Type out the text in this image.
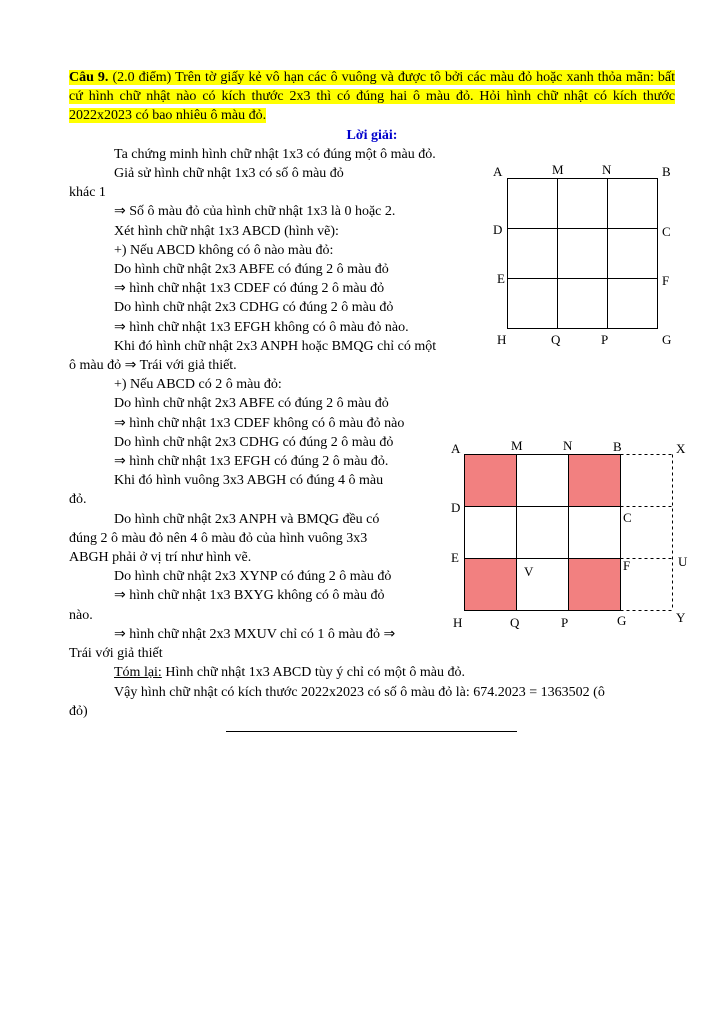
Câu 9. (2.0 điểm) Trên tờ giấy kẻ vô hạn các ô vuông và được tô bởi các màu đỏ hoặc xanh thỏa mãn: bất cứ hình chữ nhật nào có kích thước 2x3 thì có đúng hai ô màu đỏ. Hỏi hình chữ nhật có kích thước 2022x2023 có bao nhiêu ô màu đỏ.
Lời giải:
Ta chứng minh hình chữ nhật 1x3 có đúng một ô màu đỏ.
Giả sử hình chữ nhật 1x3 có số ô màu đỏ
khác 1
⇒ Số ô màu đỏ của hình chữ nhật 1x3 là 0 hoặc 2.
Xét hình chữ nhật 1x3 ABCD (hình vẽ):
+) Nếu ABCD không có ô nào màu đỏ:
Do hình chữ nhật 2x3 ABFE có đúng 2 ô màu đỏ
⇒ hình chữ nhật 1x3 CDEF có đúng 2 ô màu đỏ
Do hình chữ nhật 2x3 CDHG có đúng 2 ô màu đỏ
⇒ hình chữ nhật 1x3 EFGH không có ô màu đỏ nào.
Khi đó hình chữ nhật 2x3 ANPH hoặc BMQG chỉ có một
ô màu đỏ ⇒ Trái với giả thiết.
+) Nếu ABCD có 2 ô màu đỏ:
Do hình chữ nhật 2x3 ABFE có đúng 2 ô màu đỏ
⇒ hình chữ nhật 1x3 CDEF không có ô màu đỏ nào
Do hình chữ nhật 2x3 CDHG có đúng 2 ô màu đỏ
⇒ hình chữ nhật 1x3 EFGH có đúng 2 ô màu đỏ.
Khi đó hình vuông 3x3 ABGH có đúng 4 ô màu
đỏ.
Do hình chữ nhật 2x3 ANPH và BMQG đều có
đúng 2 ô màu đỏ nên 4 ô màu đỏ của hình vuông 3x3
ABGH phải ở vị trí như hình vẽ.
Do hình chữ nhật 2x3 XYNP có đúng 2 ô màu đỏ
⇒ hình chữ nhật 1x3 BXYG không có ô màu đỏ
nào.
⇒ hình chữ nhật 2x3 MXUV chỉ có 1 ô màu đỏ ⇒
Trái với giả thiết
Tóm lại: Hình chữ nhật 1x3 ABCD tùy ý chỉ có một ô màu đỏ.
Vậy hình chữ nhật có kích thước 2022x2023 có số ô màu đỏ là: 674.2023 = 1363502 (ô
đỏ)
A	M	N	B
D	C
E	F
H	Q	P	G
A	M	N	B	X
D
C
E
F	U
V
H	Q	P	G	Y
